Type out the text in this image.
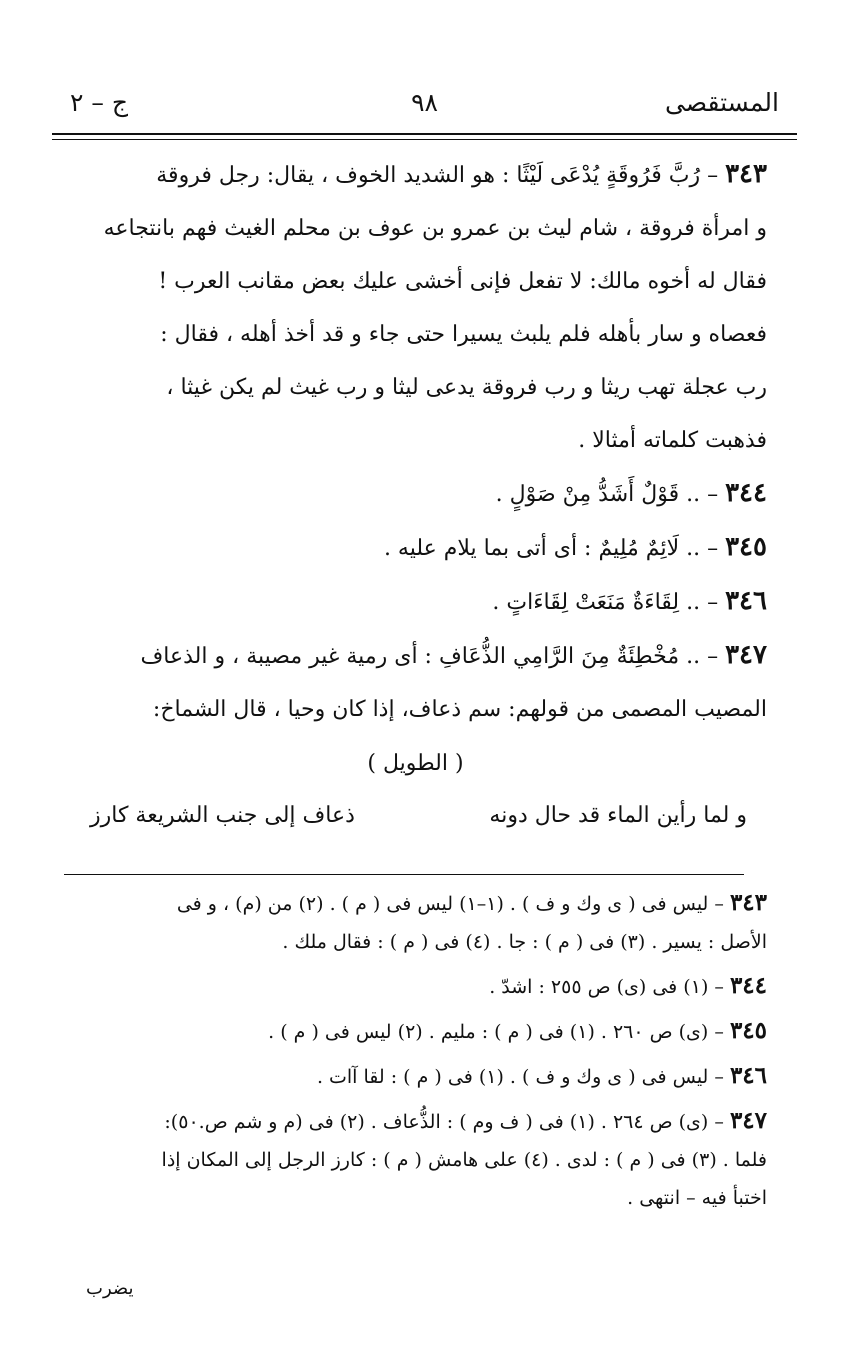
المستقصى
٩٨
ج – ٢

٣٤٣ – رُبَّ فَرُوقَةٍ يُدْعَى لَيْثًا : هو الشديد الخوف ، يقال: رجل فروقة

و امرأة فروقة ، شام ليث بن عمرو بن عوف بن محلم الغيث فهم بانتجاعه

فقال له أخوه مالك: لا تفعل فإنى أخشى عليك بعض مقانب العرب !

فعصاه و سار بأهله فلم يلبث يسيرا حتى جاء و قد أخذ أهله ، فقال :

رب عجلة تهب ريثا و رب فروقة يدعى ليثا و رب غيث لم يكن غيثا ،

فذهبت كلماته أمثالا .

٣٤٤ – .. قَوْلٌ أَشَدُّ مِنْ صَوْلٍ .

٣٤٥ – .. لَائِمٌ مُلِيمٌ : أى أتى بما يلام عليه .

٣٤٦ – .. لِقَاءَةٌ مَنَعَتْ لِقَاءَاتٍ .

٣٤٧ – .. مُخْطِئَةٌ مِنَ الرَّامِي الذُّعَافِ : أى رمية غير مصيبة ، و الذعاف

المصيب المصمى من قولهم: سم ذعاف، إذا كان وحيا ، قال الشماخ:

( الطويل )

و لما رأين الماء قد حال دونه
ذعاف إلى جنب الشريعة كارز

٣٤٣ – ليس فى ( ى وك و ف ) . (١–١) ليس فى ( م ) . (٢) من (م) ، و فى

الأصل : يسير . (٣) فى ( م ) : جا . (٤) فى ( م ) : فقال ملك .

٣٤٤ – (١) فى (ى) ص ٢٥٥ : اشدّ .

٣٤٥ – (ى) ص ٢٦٠ . (١) فى ( م ) : مليم . (٢) ليس فى ( م ) .

٣٤٦ – ليس فى ( ى وك و ف ) . (١) فى ( م ) : لقا آات .

٣٤٧ – (ى) ص ٢٦٤ . (١) فى ( ف وم ) : الذُّعاف . (٢) فى (م و شم ص.٥٠):

فلما . (٣) فى ( م ) : لدى . (٤) على هامش ( م ) : كارز الرجل إلى المكان إذا

اختبأ فيه – انتهى .

يضرب
